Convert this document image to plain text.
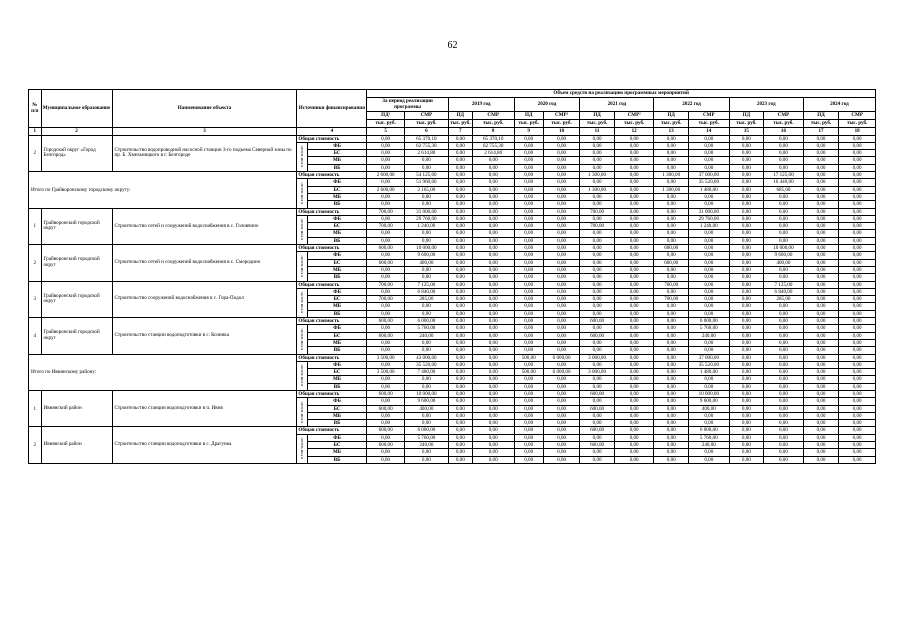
62
№ п/п	Муниципальное образование	Наименование объекта	Источники финансирования		Объем средств на реализацию программных мероприятий													
					За период реализации программы		2019 год		2020 год		2021 год		2022 год		2023 год		2024 год	
					ПД¹	СМР	ПД	СМР	ПД	СМР²	ПД	СМР²	ПД	СМР	ПД	СМР	ПД	СМР
					тыс. руб.	тыс. руб.	тыс. руб.	тыс. руб.	тыс. руб.	тыс. руб.	тыс. руб.	тыс. руб.	тыс. руб.	тыс. руб.	тыс. руб.	тыс. руб.	тыс. руб.	тыс. руб.
1	2	3	4		5	6	7	8	9	10	11	12	13	14	15	16	17	18
2	Городской округ «Город Белгород»	Строительство водопроводной насосной станции 3-го подъема Северной зоны по пр. Б. Хмельницкого в г. Белгороде	Общая стоимость		0,00	65 370,10	0,00	65 370,10	0,00	0,00	0,00	0,00	0,00	0,00	0,00	0,00	0,00	0,00
			в том числе:	ФБ	0,00	62 755,30	0,00	62 755,30	0,00	0,00	0,00	0,00	0,00	0,00	0,00	0,00	0,00	0,00
				БС	0,00	2 614,80	0,00	2 614,80	0,00	0,00	0,00	0,00	0,00	0,00	0,00	0,00	0,00	0,00
				МБ	0,00	0,00	0,00	0,00	0,00	0,00	0,00	0,00	0,00	0,00	0,00	0,00	0,00	0,00
				ВБ	0,00	0,00	0,00	0,00	0,00	0,00	0,00	0,00	0,00	0,00	0,00	0,00	0,00	0,00
Итого по Грайворонскому городскому округу:			Общая стоимость		2 600,00	54 125,00	0,00	0,00	0,00	0,00	1 300,00	0,00	1 300,00	37 000,00	0,00	17 125,00	0,00	0,00
			в том числе:	ФБ	0,00	51 960,00	0,00	0,00	0,00	0,00	0,00	0,00	0,00	35 520,00	0,00	16 440,00	0,00	0,00
				БС	2 600,00	2 165,00	0,00	0,00	0,00	0,00	1 300,00	0,00	1 300,00	1 480,00	0,00	685,00	0,00	0,00
				МБ	0,00	0,00	0,00	0,00	0,00	0,00	0,00	0,00	0,00	0,00	0,00	0,00	0,00	0,00
				ВБ	0,00	0,00	0,00	0,00	0,00	0,00	0,00	0,00	0,00	0,00	0,00	0,00	0,00	0,00
1	Грайворонский городской округ	Строительство сетей и сооружений водоснабжения в с. Головчино	Общая стоимость		700,00	31 000,00	0,00	0,00	0,00	0,00	700,00	0,00	0,00	31 000,00	0,00	0,00	0,00	0,00
			в том числе:	ФБ	0,00	29 760,00	0,00	0,00	0,00	0,00	0,00	0,00	0,00	29 760,00	0,00	0,00	0,00	0,00
				БС	700,00	1 240,00	0,00	0,00	0,00	0,00	700,00	0,00	0,00	1 240,00	0,00	0,00	0,00	0,00
				МБ	0,00	0,00	0,00	0,00	0,00	0,00	0,00	0,00	0,00	0,00	0,00	0,00	0,00	0,00
				ВБ	0,00	0,00	0,00	0,00	0,00	0,00	0,00	0,00	0,00	0,00	0,00	0,00	0,00	0,00
2	Грайворонский городской округ	Строительство сетей и сооружений водоснабжения в с. Смородино	Общая стоимость		600,00	10 000,00	0,00	0,00	0,00	0,00	0,00	0,00	600,00	0,00	0,00	10 000,00	0,00	0,00
			в том числе:	ФБ	0,00	9 600,00	0,00	0,00	0,00	0,00	0,00	0,00	0,00	0,00	0,00	9 600,00	0,00	0,00
				БС	600,00	400,00	0,00	0,00	0,00	0,00	0,00	0,00	600,00	0,00	0,00	400,00	0,00	0,00
				МБ	0,00	0,00	0,00	0,00	0,00	0,00	0,00	0,00	0,00	0,00	0,00	0,00	0,00	0,00
				ВБ	0,00	0,00	0,00	0,00	0,00	0,00	0,00	0,00	0,00	0,00	0,00	0,00	0,00	0,00
3	Грайворонский городской округ	Строительство сооружений водоснабжения в с. Гора-Подол	Общая стоимость		700,00	7 125,00	0,00	0,00	0,00	0,00	0,00	0,00	700,00	0,00	0,00	7 125,00	0,00	0,00
			в том числе:	ФБ	0,00	6 840,00	0,00	0,00	0,00	0,00	0,00	0,00	0,00	0,00	0,00	6 840,00	0,00	0,00
				БС	700,00	285,00	0,00	0,00	0,00	0,00	0,00	0,00	700,00	0,00	0,00	285,00	0,00	0,00
				МБ	0,00	0,00	0,00	0,00	0,00	0,00	0,00	0,00	0,00	0,00	0,00	0,00	0,00	0,00
				ВБ	0,00	0,00	0,00	0,00	0,00	0,00	0,00	0,00	0,00	0,00	0,00	0,00	0,00	0,00
4	Грайворонский городской округ	Строительство станции водоподготовки в с. Козинка	Общая стоимость		600,00	6 000,00	0,00	0,00	0,00	0,00	600,00	0,00	0,00	6 000,00	0,00	0,00	0,00	0,00
			в том числе:	ФБ	0,00	5 760,00	0,00	0,00	0,00	0,00	0,00	0,00	0,00	5 760,00	0,00	0,00	0,00	0,00
				БС	600,00	240,00	0,00	0,00	0,00	0,00	600,00	0,00	0,00	240,00	0,00	0,00	0,00	0,00
				МБ	0,00	0,00	0,00	0,00	0,00	0,00	0,00	0,00	0,00	0,00	0,00	0,00	0,00	0,00
				ВБ	0,00	0,00	0,00	0,00	0,00	0,00	0,00	0,00	0,00	0,00	0,00	0,00	0,00	0,00
Итого по Ивнянскому району:			Общая стоимость		3 500,00	43 000,00	0,00	0,00	500,00	6 000,00	3 000,00	0,00	0,00	37 000,00	0,00	0,00	0,00	0,00
			в том числе:	ФБ	0,00	35 520,00	0,00	0,00	0,00	0,00	0,00	0,00	0,00	35 520,00	0,00	0,00	0,00	0,00
				БС	3 500,00	7 480,00	0,00	0,00	500,00	6 000,00	3 000,00	0,00	0,00	1 480,00	0,00	0,00	0,00	0,00
				МБ	0,00	0,00	0,00	0,00	0,00	0,00	0,00	0,00	0,00	0,00	0,00	0,00	0,00	0,00
				ВБ	0,00	0,00	0,00	0,00	0,00	0,00	0,00	0,00	0,00	0,00	0,00	0,00	0,00	0,00
1	Ивнянский район	Строительство станции водоподготовки в п. Ивня	Общая стоимость		600,00	10 000,00	0,00	0,00	0,00	0,00	600,00	0,00	0,00	10 000,00	0,00	0,00	0,00	0,00
			в том числе:	ФБ	0,00	9 600,00	0,00	0,00	0,00	0,00	0,00	0,00	0,00	9 600,00	0,00	0,00	0,00	0,00
				БС	600,00	400,00	0,00	0,00	0,00	0,00	600,00	0,00	0,00	400,00	0,00	0,00	0,00	0,00
				МБ	0,00	0,00	0,00	0,00	0,00	0,00	0,00	0,00	0,00	0,00	0,00	0,00	0,00	0,00
				ВБ	0,00	0,00	0,00	0,00	0,00	0,00	0,00	0,00	0,00	0,00	0,00	0,00	0,00	0,00
2	Ивнянский район	Строительство станции водоподготовки в с. Драгунка	Общая стоимость		600,00	6 000,00	0,00	0,00	0,00	0,00	600,00	0,00	0,00	6 000,00	0,00	0,00	0,00	0,00
			в том числе:	ФБ	0,00	5 760,00	0,00	0,00	0,00	0,00	0,00	0,00	0,00	5 760,00	0,00	0,00	0,00	0,00
				БС	600,00	240,00	0,00	0,00	0,00	0,00	600,00	0,00	0,00	240,00	0,00	0,00	0,00	0,00
				МБ	0,00	0,00	0,00	0,00	0,00	0,00	0,00	0,00	0,00	0,00	0,00	0,00	0,00	0,00
				ВБ	0,00	0,00	0,00	0,00	0,00	0,00	0,00	0,00	0,00	0,00	0,00	0,00	0,00	0,00
